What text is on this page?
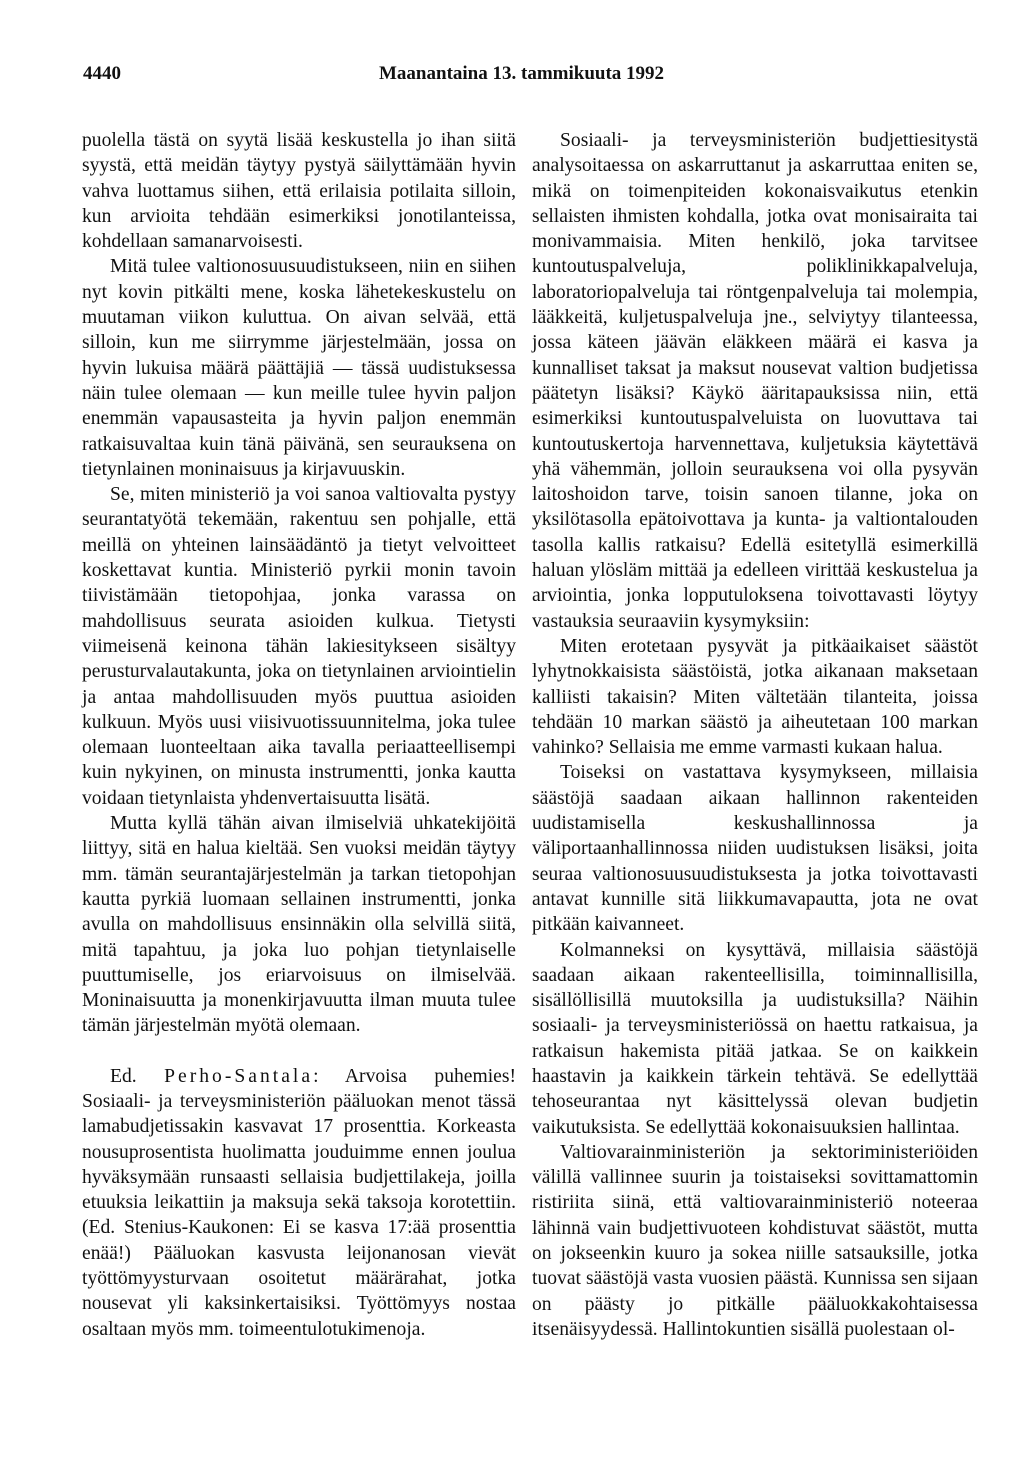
4440	Maanantaina 13. tammikuuta 1992

puolella tästä on syytä lisää keskustella jo ihan siitä syystä, että meidän täytyy pystyä säilyttämään hyvin vahva luottamus siihen, että erilaisia potilaita silloin, kun arvioita tehdään esimerkiksi jonotilanteissa, kohdellaan samanarvoisesti.

Mitä tulee valtionosuusuudistukseen, niin en siihen nyt kovin pitkälti mene, koska lähetekeskustelu on muutaman viikon kuluttua. On aivan selvää, että silloin, kun me siirrymme järjestelmään, jossa on hyvin lukuisa määrä päättäjiä — tässä uudistuksessa näin tulee olemaan — kun meille tulee hyvin paljon enemmän vapausasteita ja hyvin paljon enemmän ratkaisuvaltaa kuin tänä päivänä, sen seurauksena on tietynlainen moninaisuus ja kirjavuuskin.

Se, miten ministeriö ja voi sanoa valtiovalta pystyy seurantatyötä tekemään, rakentuu sen pohjalle, että meillä on yhteinen lainsäädäntö ja tietyt velvoitteet koskettavat kuntia. Ministeriö pyrkii monin tavoin tiivistämään tietopohjaa, jonka varassa on mahdollisuus seurata asioiden kulkua. Tietysti viimeisenä keinona tähän lakiesitykseen sisältyy perusturvalautakunta, joka on tietynlainen arviointielin ja antaa mahdollisuuden myös puuttua asioiden kulkuun. Myös uusi viisivuotissuunnitelma, joka tulee olemaan luonteeltaan aika tavalla periaatteellisempi kuin nykyinen, on minusta instrumentti, jonka kautta voidaan tietynlaista yhdenvertaisuutta lisätä.

Mutta kyllä tähän aivan ilmiselviä uhkatekijöitä liittyy, sitä en halua kieltää. Sen vuoksi meidän täytyy mm. tämän seurantajärjestelmän ja tarkan tietopohjan kautta pyrkiä luomaan sellainen instrumentti, jonka avulla on mahdollisuus ensinnäkin olla selvillä siitä, mitä tapahtuu, ja joka luo pohjan tietynlaiselle puuttumiselle, jos eriarvoisuus on ilmiselvää. Moninaisuutta ja monenkirjavuutta ilman muuta tulee tämän järjestelmän myötä olemaan.

Ed. Perho-Santala: Arvoisa puhemies! Sosiaali- ja terveysministeriön pääluokan menot tässä lamabudjetissakin kasvavat 17 prosenttia. Korkeasta nousuprosentista huolimatta jouduimme ennen joulua hyväksymään runsaasti sellaisia budjettilakeja, joilla etuuksia leikattiin ja maksuja sekä taksoja korotettiin. (Ed. Stenius-Kaukonen: Ei se kasva 17:ää prosenttia enää!) Pääluokan kasvusta leijonanosan vievät työttömyysturvaan osoitetut määrärahat, jotka nousevat yli kaksinkertaisiksi. Työttömyys nostaa osaltaan myös mm. toimeentulotukimenoja.

Sosiaali- ja terveysministeriön budjettiesitystä analysoitaessa on askarruttanut ja askarruttaa eniten se, mikä on toimenpiteiden kokonaisvaikutus etenkin sellaisten ihmisten kohdalla, jotka ovat monisairaita tai monivammaisia. Miten henkilö, joka tarvitsee kuntoutuspalveluja, poliklinikkapalveluja, laboratoriopalveluja tai röntgenpalveluja tai molempia, lääkkeitä, kuljetuspalveluja jne., selviytyy tilanteessa, jossa käteen jäävän eläkkeen määrä ei kasva ja kunnalliset taksat ja maksut nousevat valtion budjetissa päätetyn lisäksi? Käykö ääritapauksissa niin, että esimerkiksi kuntoutuspalveluista on luovuttava tai kuntoutuskertoja harvennettava, kuljetuksia käytettävä yhä vähemmän, jolloin seurauksena voi olla pysyvän laitoshoidon tarve, toisin sanoen tilanne, joka on yksilötasolla epätoivottava ja kunta- ja valtiontalouden tasolla kallis ratkaisu? Edellä esitetyllä esimerkillä haluan ylösläm mittää ja edelleen virittää keskustelua ja arviointia, jonka lopputuloksena toivottavasti löytyy vastauksia seuraaviin kysymyksiin:

Miten erotetaan pysyvät ja pitkäaikaiset säästöt lyhytnokkaisista säästöistä, jotka aikanaan maksetaan kalliisti takaisin? Miten vältetään tilanteita, joissa tehdään 10 markan säästö ja aiheutetaan 100 markan vahinko? Sellaisia me emme varmasti kukaan halua.

Toiseksi on vastattava kysymykseen, millaisia säästöjä saadaan aikaan hallinnon rakenteiden uudistamisella keskushallinnossa ja väliportaanhallinnossa niiden uudistuksen lisäksi, joita seuraa valtionosuusuudistuksesta ja jotka toivottavasti antavat kunnille sitä liikkumavapautta, jota ne ovat pitkään kaivanneet.

Kolmanneksi on kysyttävä, millaisia säästöjä saadaan aikaan rakenteellisilla, toiminnallisilla, sisällöllisillä muutoksilla ja uudistuksilla? Näihin sosiaali- ja terveysministeriössä on haettu ratkaisua, ja ratkaisun hakemista pitää jatkaa. Se on kaikkein haastavin ja kaikkein tärkein tehtävä. Se edellyttää tehoseurantaa nyt käsittelyssä olevan budjetin vaikutuksista. Se edellyttää kokonaisuuksien hallintaa.

Valtiovarainministeriön ja sektoriministeriöiden välillä vallinnee suurin ja toistaiseksi sovittamattomin ristiriita siinä, että valtiovarainministeriö noteeraa lähinnä vain budjettivuoteen kohdistuvat säästöt, mutta on jokseenkin kuuro ja sokea niille satsauksille, jotka tuovat säästöjä vasta vuosien päästä. Kunnissa sen sijaan on päästy jo pitkälle pääluokkakohtaisessa itsenäisyydessä. Hallintokuntien sisällä puolestaan ol-
